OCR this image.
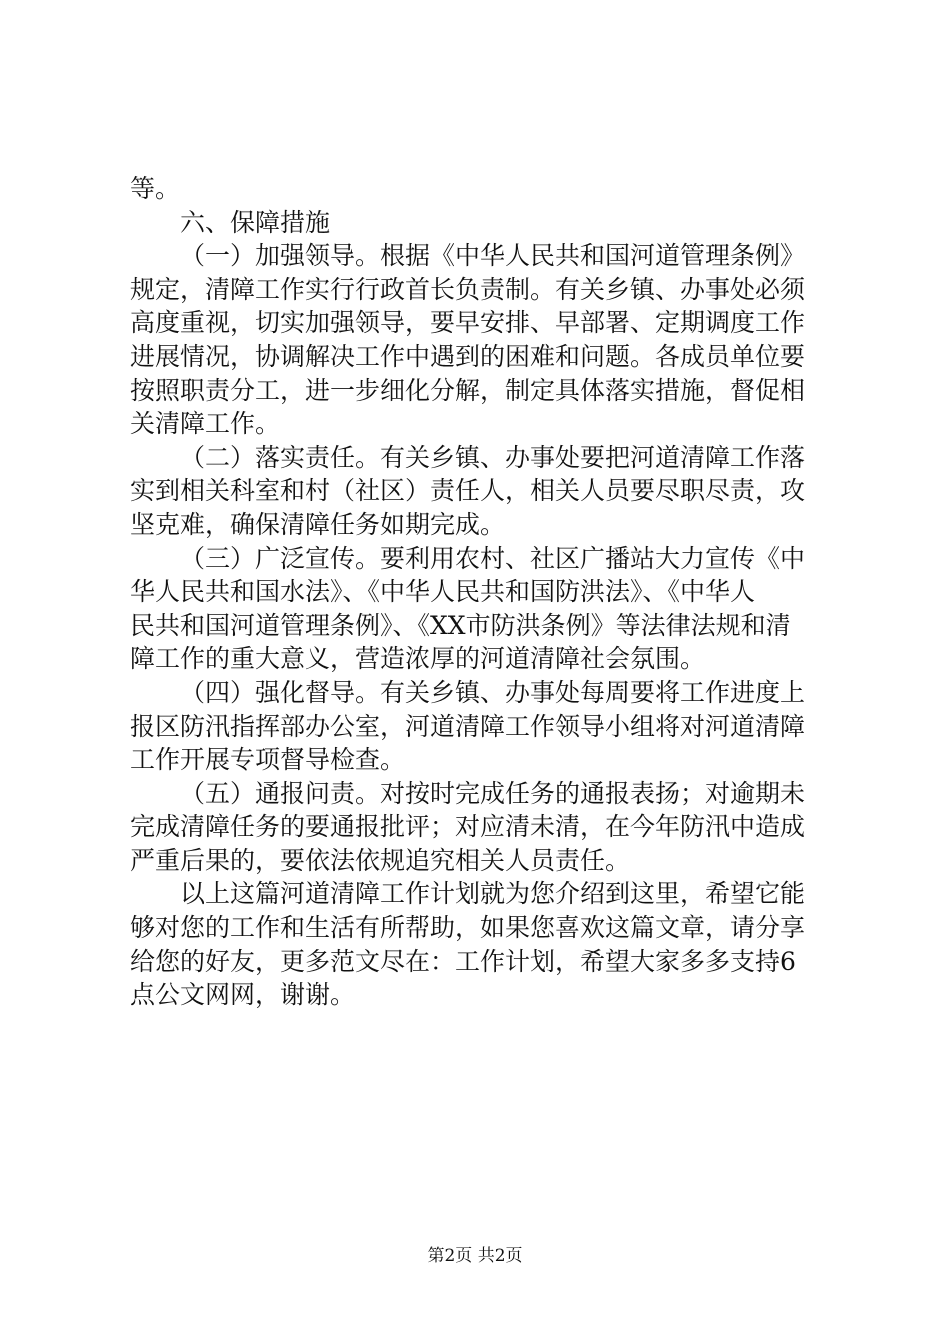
等。
六、保障措施
（一）加强领导。根据《中华人民共和国河道管理条例》
规定，清障工作实行行政首长负责制。有关乡镇、办事处必须
高度重视，切实加强领导，要早安排、早部署、定期调度工作
进展情况，协调解决工作中遇到的困难和问题。各成员单位要
按照职责分工，进一步细化分解，制定具体落实措施，督促相
关清障工作。
（二）落实责任。有关乡镇、办事处要把河道清障工作落
实到相关科室和村（社区）责任人，相关人员要尽职尽责，攻
坚克难，确保清障任务如期完成。
（三）广泛宣传。要利用农村、社区广播站大力宣传《中
华人民共和国水法》、《中华人民共和国防洪法》、《中华人
民共和国河道管理条例》、《XX市防洪条例》等法律法规和清
障工作的重大意义，营造浓厚的河道清障社会氛围。
（四）强化督导。有关乡镇、办事处每周要将工作进度上
报区防汛指挥部办公室，河道清障工作领导小组将对河道清障
工作开展专项督导检查。
（五）通报问责。对按时完成任务的通报表扬；对逾期未
完成清障任务的要通报批评；对应清未清，在今年防汛中造成
严重后果的，要依法依规追究相关人员责任。
以上这篇河道清障工作计划就为您介绍到这里，希望它能
够对您的工作和生活有所帮助，如果您喜欢这篇文章，请分享
给您的好友，更多范文尽在：工作计划，希望大家多多支持6
点公文网网，谢谢。
第2页 共2页
